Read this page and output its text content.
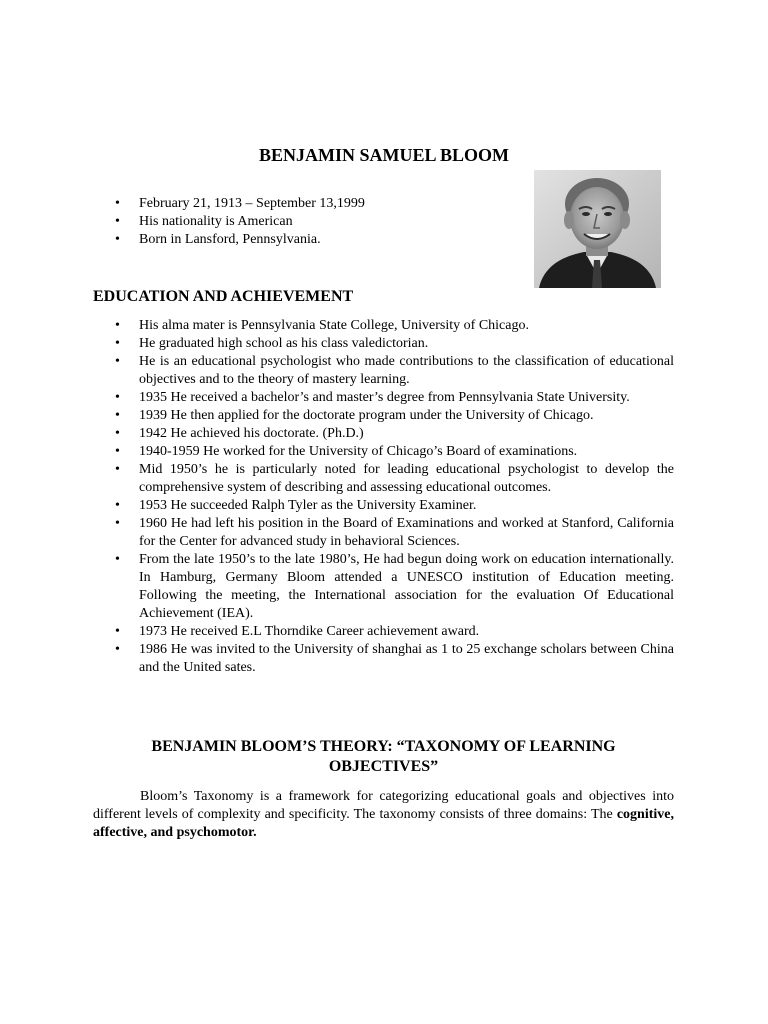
BENJAMIN SAMUEL BLOOM
• February 21, 1913 – September 13,1999
• His nationality is American
• Born in Lansford, Pennsylvania.
EDUCATION AND ACHIEVEMENT
• His alma mater is Pennsylvania State College, University of Chicago.
• He graduated high school as his class valedictorian.
• He is an educational psychologist who made contributions to the classification of educational objectives and to the theory of mastery learning.
• 1935 He received a bachelor’s and master’s degree from Pennsylvania State University.
• 1939 He then applied for the doctorate program under the University of Chicago.
• 1942 He achieved his doctorate. (Ph.D.)
• 1940-1959 He worked for the University of Chicago’s Board of examinations.
• Mid 1950’s he is particularly noted for leading educational psychologist to develop the comprehensive system of describing and assessing educational outcomes.
• 1953 He succeeded Ralph Tyler as the University Examiner.
• 1960 He had left his position in the Board of Examinations and worked at Stanford, California for the Center for advanced study in behavioral Sciences.
• From the late 1950’s to the late 1980’s, He had begun doing work on education internationally. In Hamburg, Germany Bloom attended a UNESCO institution of Education meeting. Following the meeting, the International association for the evaluation Of Educational Achievement (IEA).
• 1973 He received E.L Thorndike Career achievement award.
• 1986 He was invited to the University of shanghai as 1 to 25 exchange scholars between China and the United sates.
BENJAMIN BLOOM’S THEORY: “TAXONOMY OF LEARNING
OBJECTIVES”

Bloom’s Taxonomy is a framework for categorizing educational goals and objectives into different levels of complexity and specificity. The taxonomy consists of three domains: The cognitive, affective, and psychomotor.
